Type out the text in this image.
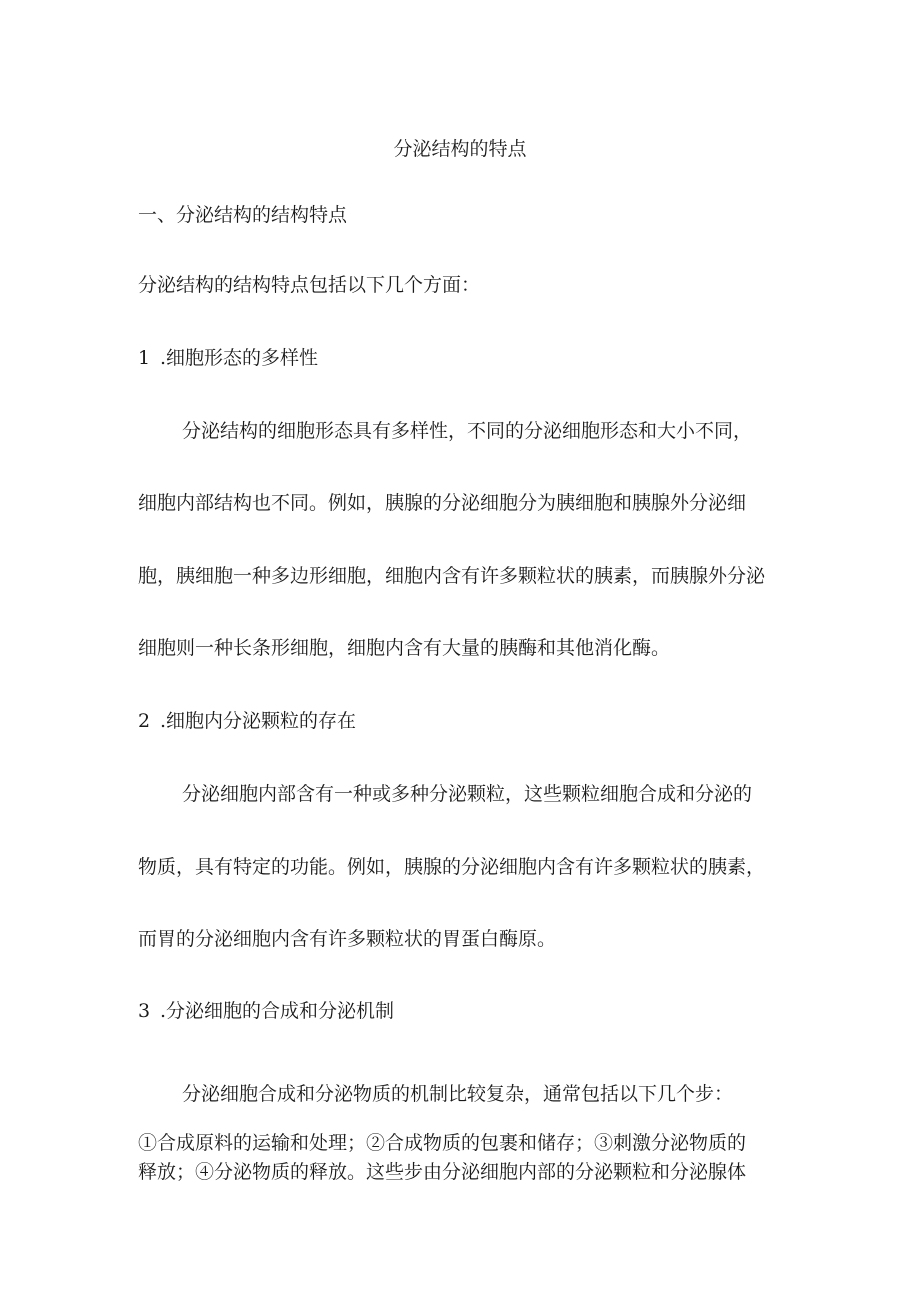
分泌结构的特点

一、分泌结构的结构特点

分泌结构的结构特点包括以下几个方面：

1 .细胞形态的多样性

分泌结构的细胞形态具有多样性，不同的分泌细胞形态和大小不同，

细胞内部结构也不同。例如，胰腺的分泌细胞分为胰细胞和胰腺外分泌细

胞，胰细胞一种多边形细胞，细胞内含有许多颗粒状的胰素，而胰腺外分泌

细胞则一种长条形细胞，细胞内含有大量的胰酶和其他消化酶。

2 .细胞内分泌颗粒的存在

分泌细胞内部含有一种或多种分泌颗粒，这些颗粒细胞合成和分泌的

物质，具有特定的功能。例如，胰腺的分泌细胞内含有许多颗粒状的胰素，

而胃的分泌细胞内含有许多颗粒状的胃蛋白酶原。

3 .分泌细胞的合成和分泌机制

分泌细胞合成和分泌物质的机制比较复杂，通常包括以下几个步：

①合成原料的运输和处理；②合成物质的包裹和储存；③刺激分泌物质的

释放；④分泌物质的释放。这些步由分泌细胞内部的分泌颗粒和分泌腺体
